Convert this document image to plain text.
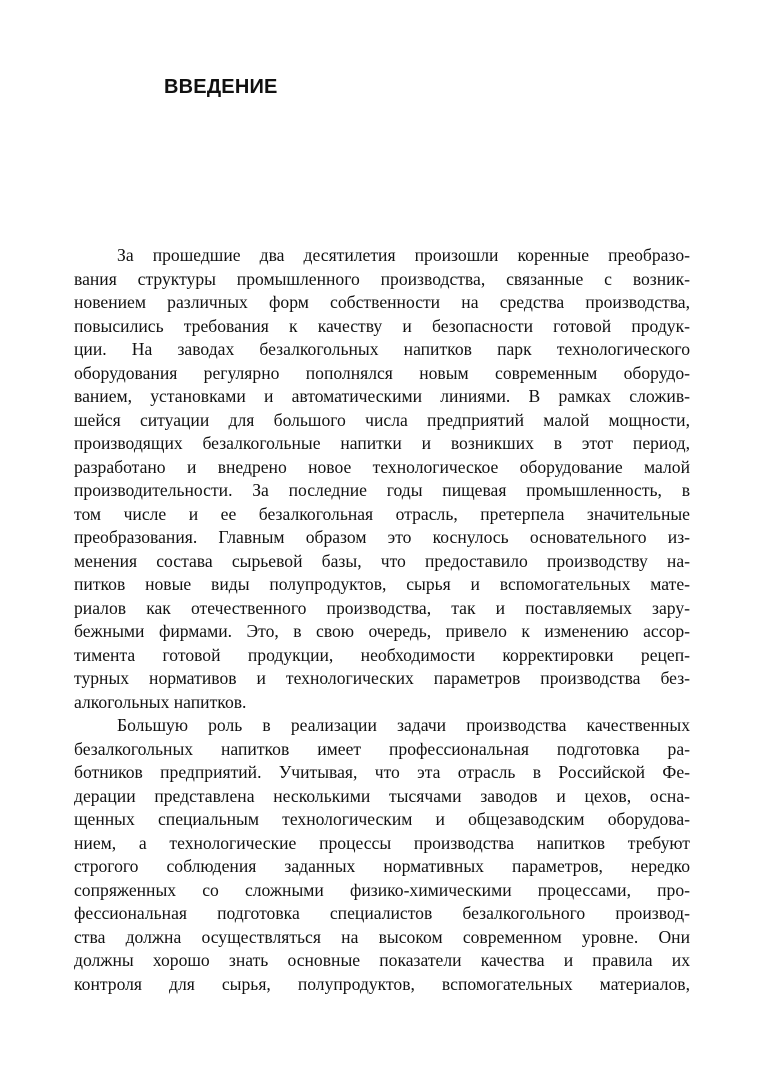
ВВЕДЕНИЕ
За прошедшие два десятилетия произошли коренные преобразо-
вания структуры промышленного производства, связанные с возник-
новением различных форм собственности на средства производства,
повысились требования к качеству и безопасности готовой продук-
ции. На заводах безалкогольных напитков парк технологического
оборудования регулярно пополнялся новым современным оборудо-
ванием, установками и автоматическими линиями. В рамках сложив-
шейся ситуации для большого числа предприятий малой мощности,
производящих безалкогольные напитки и возникших в этот период,
разработано и внедрено новое технологическое оборудование малой
производительности. За последние годы пищевая промышленность, в
том числе и ее безалкогольная отрасль, претерпела значительные
преобразования. Главным образом это коснулось основательного из-
менения состава сырьевой базы, что предоставило производству на-
питков новые виды полупродуктов, сырья и вспомогательных мате-
риалов как отечественного производства, так и поставляемых зару-
бежными фирмами. Это, в свою очередь, привело к изменению ассор-
тимента готовой продукции, необходимости корректировки рецеп-
турных нормативов и технологических параметров производства без-
алкогольных напитков.
Большую роль в реализации задачи производства качественных
безалкогольных напитков имеет профессиональная подготовка ра-
ботников предприятий. Учитывая, что эта отрасль в Российской Фе-
дерации представлена несколькими тысячами заводов и цехов, осна-
щенных специальным технологическим и общезаводским оборудова-
нием, а технологические процессы производства напитков требуют
строгого соблюдения заданных нормативных параметров, нередко
сопряженных со сложными физико-химическими процессами, про-
фессиональная подготовка специалистов безалкогольного производ-
ства должна осуществляться на высоком современном уровне. Они
должны хорошо знать основные показатели качества и правила их
контроля для сырья, полупродуктов, вспомогательных материалов,
